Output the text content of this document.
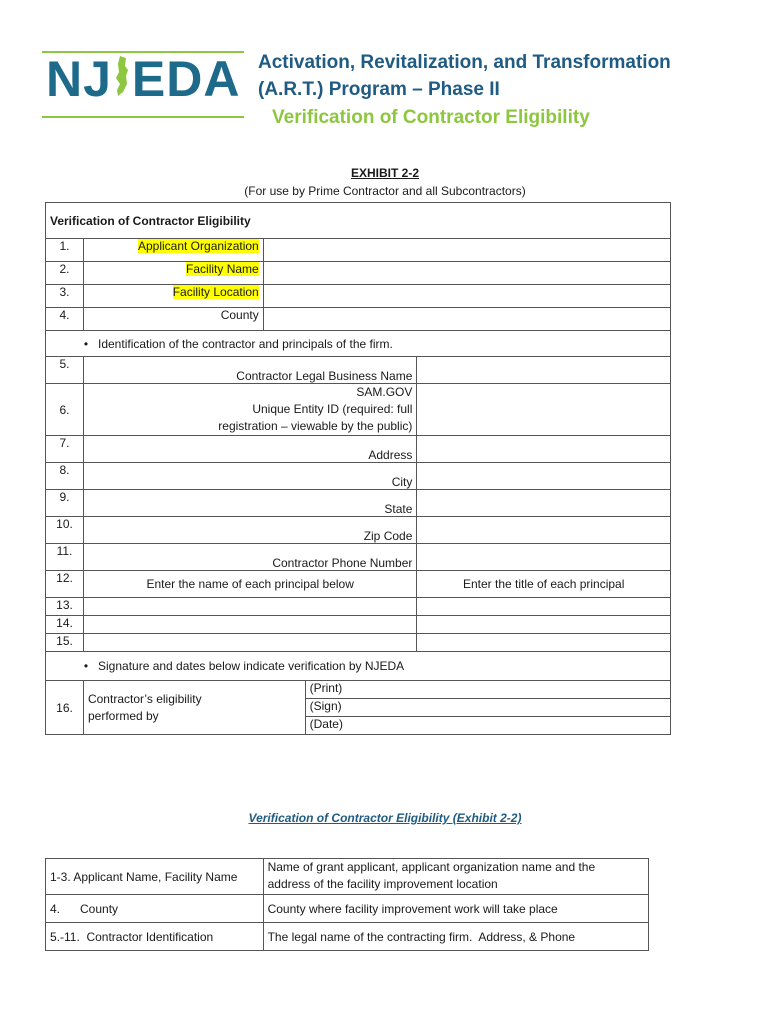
NJ EDA Activation, Revitalization, and Transformation
(A.R.T.) Program – Phase II
Verification of Contractor Eligibility
EXHIBIT 2-2
(For use by Prime Contractor and all Subcontractors)
Verification of Contractor Eligibility				
1.	Applicant Organization			
2.	Facility Name			
3.	Facility Location			
4.	County			
• Identification of the contractor and principals of the firm.
5.	Contractor Legal Business Name			
6.	SAM.GOV
Unique Entity ID (required: full
registration – viewable by the public)			

7.	Address			
8.	City			
9.	State			
10.	Zip Code			
11.	Contractor Phone Number			
12.	Enter the name of each principal below			Enter the title of each principal
13.				
14.				
15.				
• Signature and dates below indicate verification by NJEDA
16.	Contractor’s eligibility
performed by		(Print)	
			(Sign)	
			(Date)	
Verification of Contractor Eligibility (Exhibit 2-2)
1-3. Applicant Name, Facility Name	Name of grant applicant, applicant organization name and the
address of the facility improvement location

4.      County	County where facility improvement work will take place
5.-11.  Contractor Identification	The legal name of the contracting firm.  Address, & Phone
